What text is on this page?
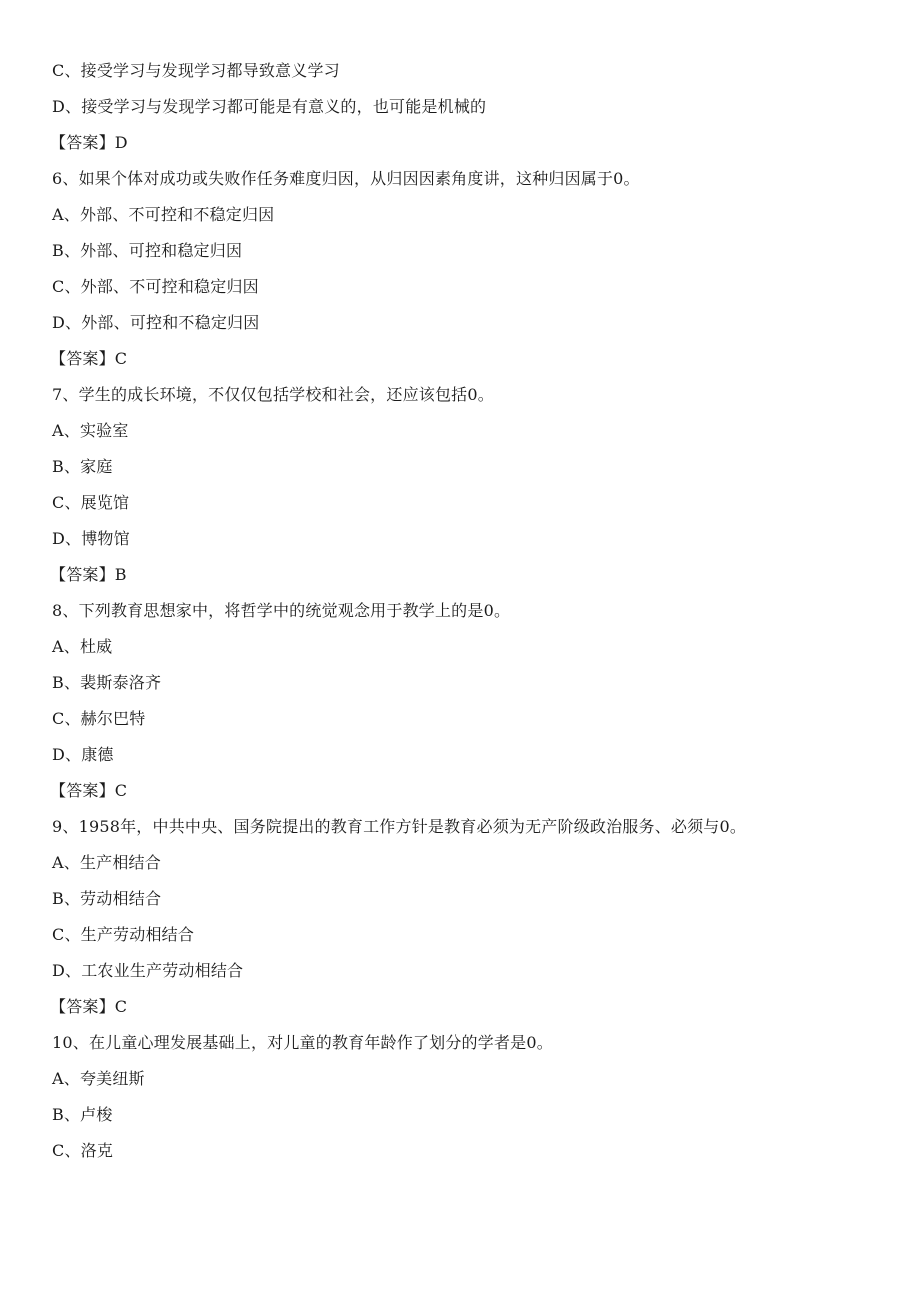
C、接受学习与发现学习都导致意义学习
D、接受学习与发现学习都可能是有意义的，也可能是机械的
【答案】D
6、如果个体对成功或失败作任务难度归因，从归因因素角度讲，这种归因属于0。
A、外部、不可控和不稳定归因
B、外部、可控和稳定归因
C、外部、不可控和稳定归因
D、外部、可控和不稳定归因
【答案】C
7、学生的成长环境，不仅仅包括学校和社会，还应该包括0。
A、实验室
B、家庭
C、展览馆
D、博物馆
【答案】B
8、下列教育思想家中，将哲学中的统觉观念用于教学上的是0。
A、杜威
B、裴斯泰洛齐
C、赫尔巴特
D、康德
【答案】C
9、1958年，中共中央、国务院提出的教育工作方针是教育必须为无产阶级政治服务、必须与0。
A、生产相结合
B、劳动相结合
C、生产劳动相结合
D、工农业生产劳动相结合
【答案】C
10、在儿童心理发展基础上，对儿童的教育年龄作了划分的学者是0。
A、夸美纽斯
B、卢梭
C、洛克
